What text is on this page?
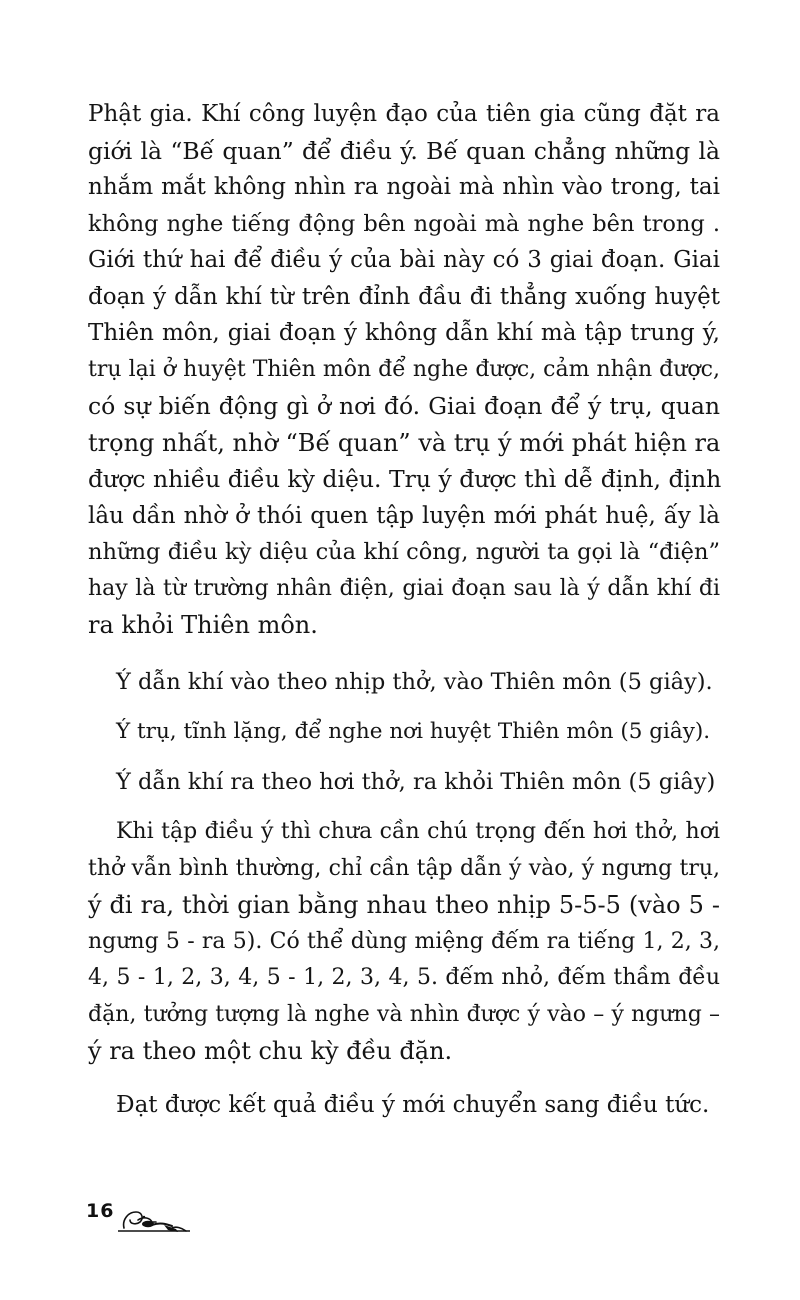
Phật gia. Khí công luyện đạo của tiên gia cũng đặt ra
giới là “Bế quan” để điều ý. Bế quan chẳng những là
nhắm mắt không nhìn ra ngoài mà nhìn vào trong, tai
không nghe tiếng động bên ngoài mà nghe bên trong .
Giới thứ hai để điều ý của bài này có 3 giai đoạn. Giai
đoạn ý dẫn khí từ trên đỉnh đầu đi thẳng xuống huyệt
Thiên môn, giai đoạn ý không dẫn khí mà tập trung ý,
trụ lại ở huyệt Thiên môn để nghe được, cảm nhận được,
có sự biến động gì ở nơi đó. Giai đoạn để ý trụ, quan
trọng nhất, nhờ “Bế quan” và trụ ý mới phát hiện ra
được nhiều điều kỳ diệu. Trụ ý được thì dễ định, định
lâu dần nhờ ở thói quen tập luyện mới phát huệ, ấy là
những điều kỳ diệu của khí công, người ta gọi là “điện”
hay là từ trường nhân điện, giai đoạn sau là ý dẫn khí đi
ra khỏi Thiên môn.

Ý dẫn khí vào theo nhịp thở, vào Thiên môn (5 giây).

Ý trụ, tĩnh lặng, để nghe nơi huyệt Thiên môn (5 giây).

Ý dẫn khí ra theo hơi thở, ra khỏi Thiên môn (5 giây)

Khi tập điều ý thì chưa cần chú trọng đến hơi thở, hơi
thở vẫn bình thường, chỉ cần tập dẫn ý vào, ý ngưng trụ,
ý đi ra, thời gian bằng nhau theo nhịp 5-5-5 (vào 5 -
ngưng 5 - ra 5). Có thể dùng miệng đếm ra tiếng 1, 2, 3,
4, 5 - 1, 2, 3, 4, 5 - 1, 2, 3, 4, 5. đếm nhỏ, đếm thầm đều
đặn, tưởng tượng là nghe và nhìn được ý vào – ý ngưng –
ý ra theo một chu kỳ đều đặn.

Đạt được kết quả điều ý mới chuyển sang điều tức.

16
